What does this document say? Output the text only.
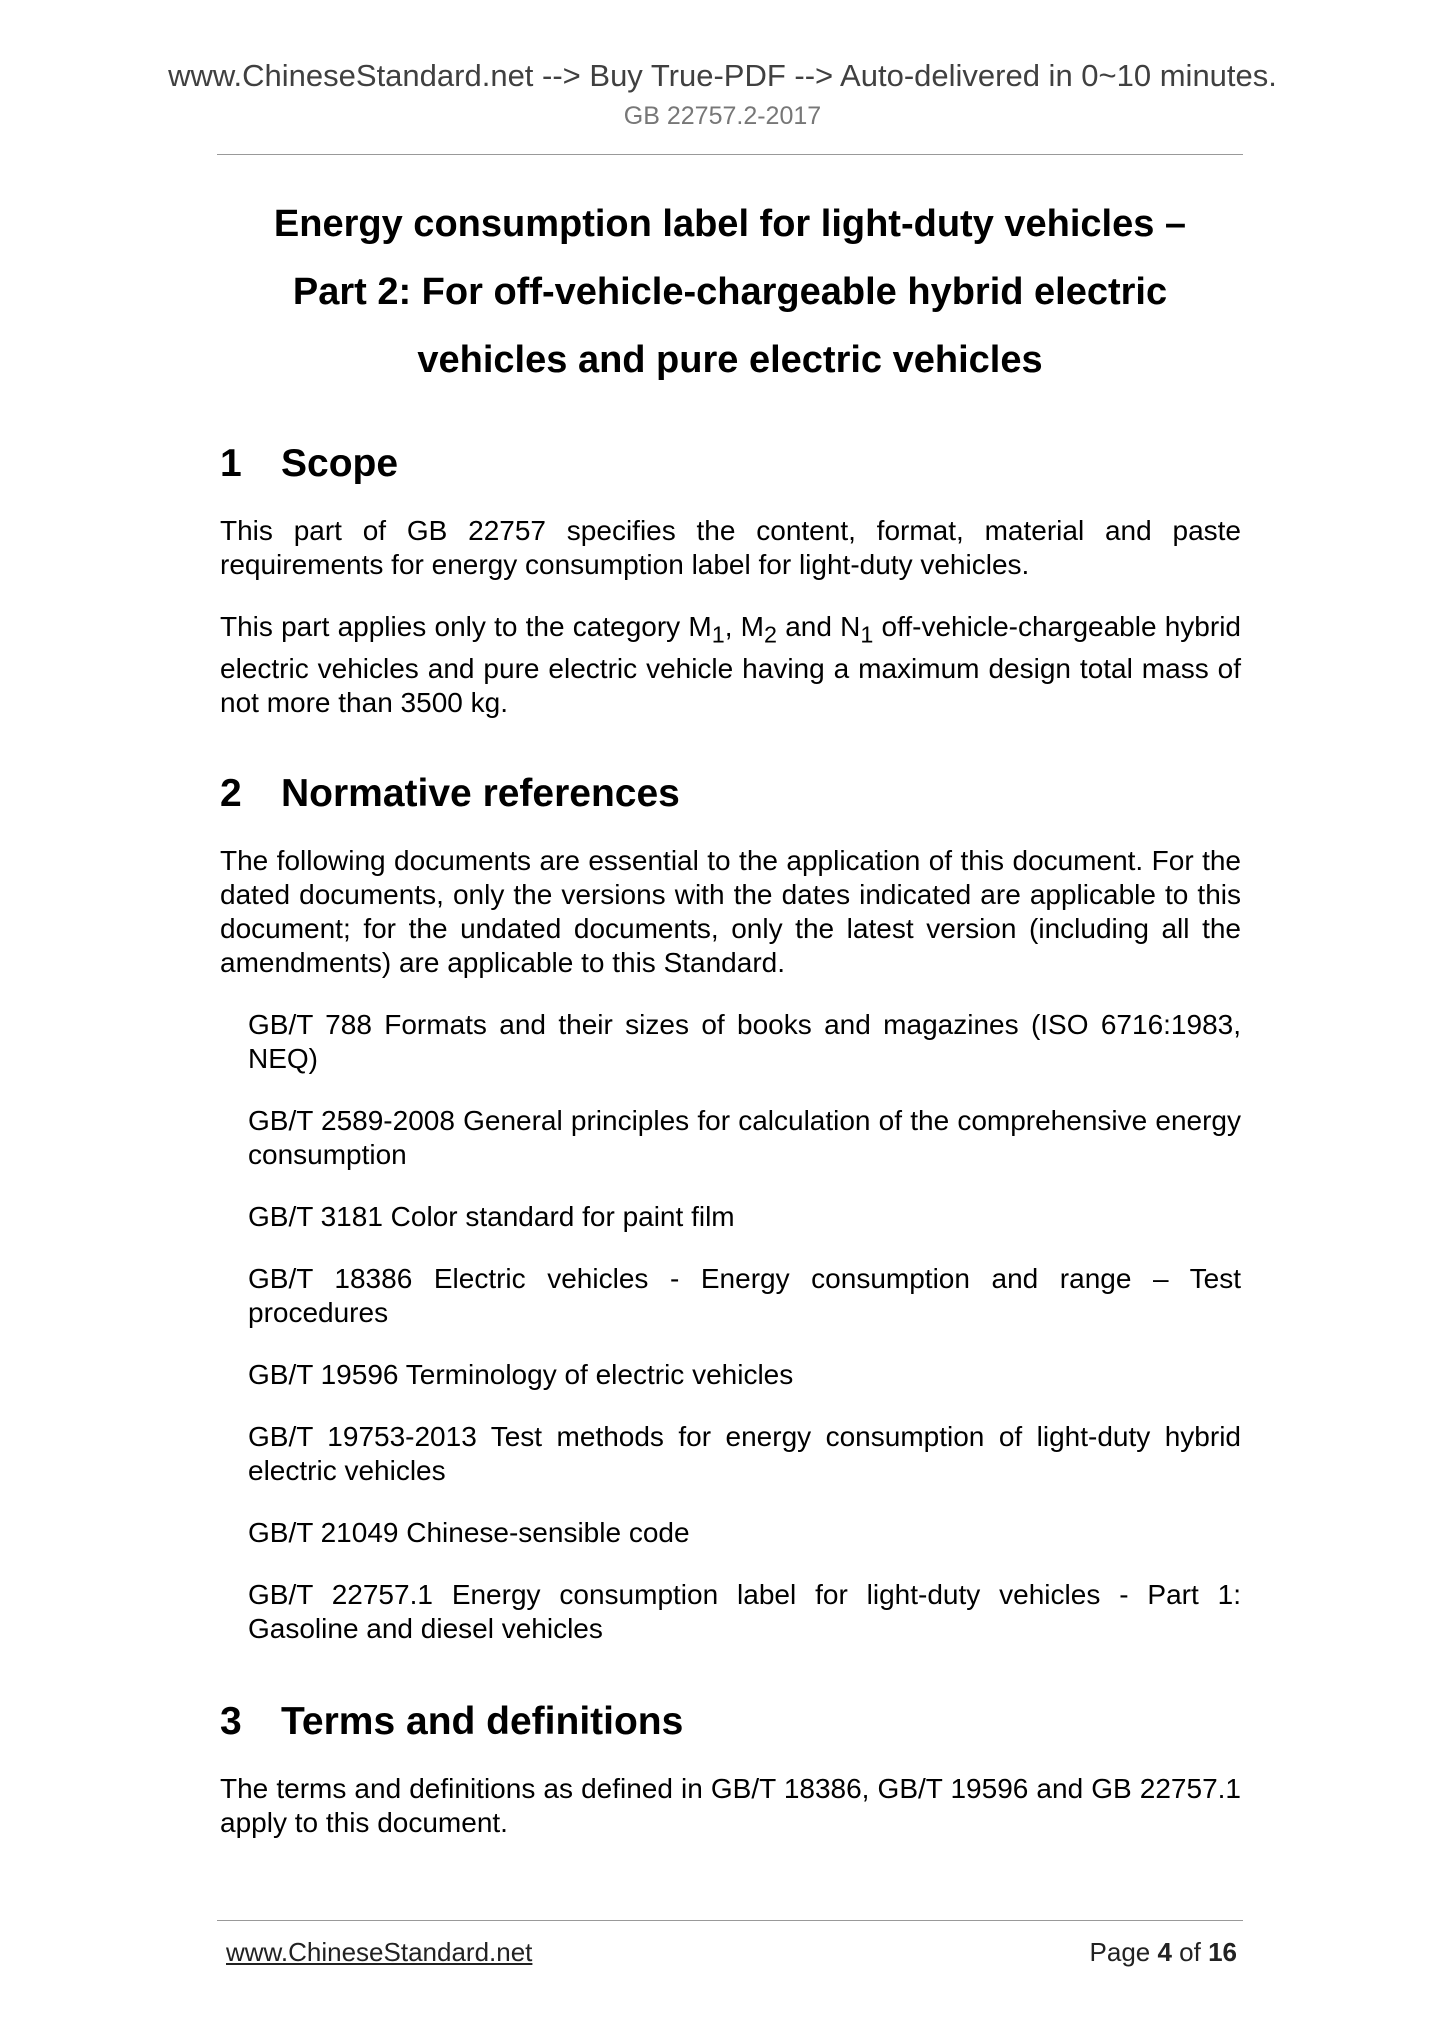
www.ChineseStandard.net --> Buy True-PDF --> Auto-delivered in 0~10 minutes.
GB 22757.2-2017
Energy consumption label for light-duty vehicles –
Part 2: For off-vehicle-chargeable hybrid electric
vehicles and pure electric vehicles
1 Scope

This part of GB 22757 specifies the content, format, material and paste requirements for energy consumption label for light-duty vehicles.

This part applies only to the category $M_1$, $M_2$ and $N_1$ off-vehicle-chargeable hybrid electric vehicles and pure electric vehicle having a maximum design total mass of not more than 3500 kg.

2 Normative references

The following documents are essential to the application of this document. For the dated documents, only the versions with the dates indicated are applicable to this document; for the undated documents, only the latest version (including all the amendments) are applicable to this Standard.

GB/T 788 Formats and their sizes of books and magazines (ISO 6716:1983, NEQ)

GB/T 2589-2008 General principles for calculation of the comprehensive energy consumption

GB/T 3181 Color standard for paint film

GB/T 18386 Electric vehicles - Energy consumption and range – Test procedures

GB/T 19596 Terminology of electric vehicles

GB/T 19753-2013 Test methods for energy consumption of light-duty hybrid electric vehicles

GB/T 21049 Chinese-sensible code

GB/T 22757.1 Energy consumption label for light-duty vehicles - Part 1: Gasoline and diesel vehicles

3 Terms and definitions

The terms and definitions as defined in GB/T 18386, GB/T 19596 and GB 22757.1 apply to this document.

www.ChineseStandard.net	Page 4 of 16
